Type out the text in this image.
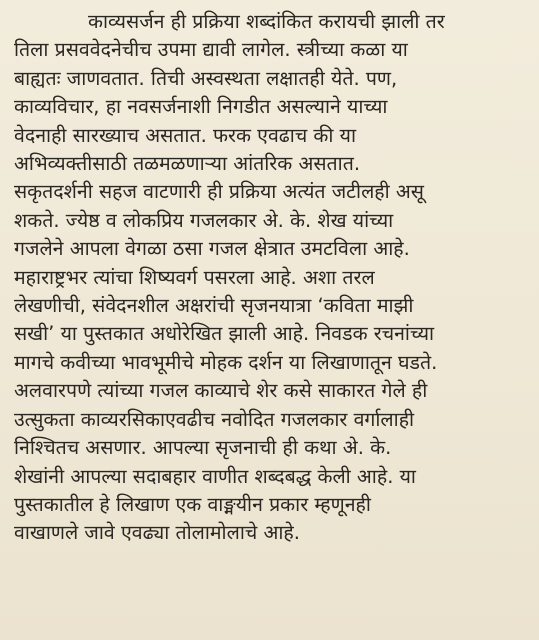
काव्यसर्जन ही प्रक्रिया शब्दांकित करायची झाली तर
तिला प्रसववेदनेचीच उपमा द्यावी लागेल. स्त्रीच्या कळा या
बाह्यतः जाणवतात. तिची अस्वस्थता लक्षातही येते. पण,
काव्यविचार, हा नवसर्जनाशी निगडीत असल्याने याच्या
वेदनाही सारख्याच असतात. फरक एवढाच की या
अभिव्यक्तीसाठी तळमळणाऱ्या आंतरिक असतात.
सकृतदर्शनी सहज वाटणारी ही प्रक्रिया अत्यंत जटीलही असू
शकते. ज्येष्ठ व लोकप्रिय गजलकार अे. के. शेख यांच्या
गजलेने आपला वेगळा ठसा गजल क्षेत्रात उमटविला आहे.
महाराष्ट्रभर त्यांचा शिष्यवर्ग पसरला आहे. अशा तरल
लेखणीची, संवेदनशील अक्षरांची सृजनयात्रा ‘कविता माझी
सखी’ या पुस्तकात अधोरेखित झाली आहे. निवडक रचनांच्या
मागचे कवीच्या भावभूमीचे मोहक दर्शन या लिखाणातून घडते.
अलवारपणे त्यांच्या गजल काव्याचे शेर कसे साकारत गेले ही
उत्सुकता काव्यरसिकाएवढीच नवोदित गजलकार वर्गालाही
निश्चितच असणार. आपल्या सृजनाची ही कथा अे. के.
शेखांनी आपल्या सदाबहार वाणीत शब्दबद्ध केली आहे. या
पुस्तकातील हे लिखाण एक वाङ्मयीन प्रकार म्हणूनही
वाखाणले जावे एवढ्या तोलामोलाचे आहे.
